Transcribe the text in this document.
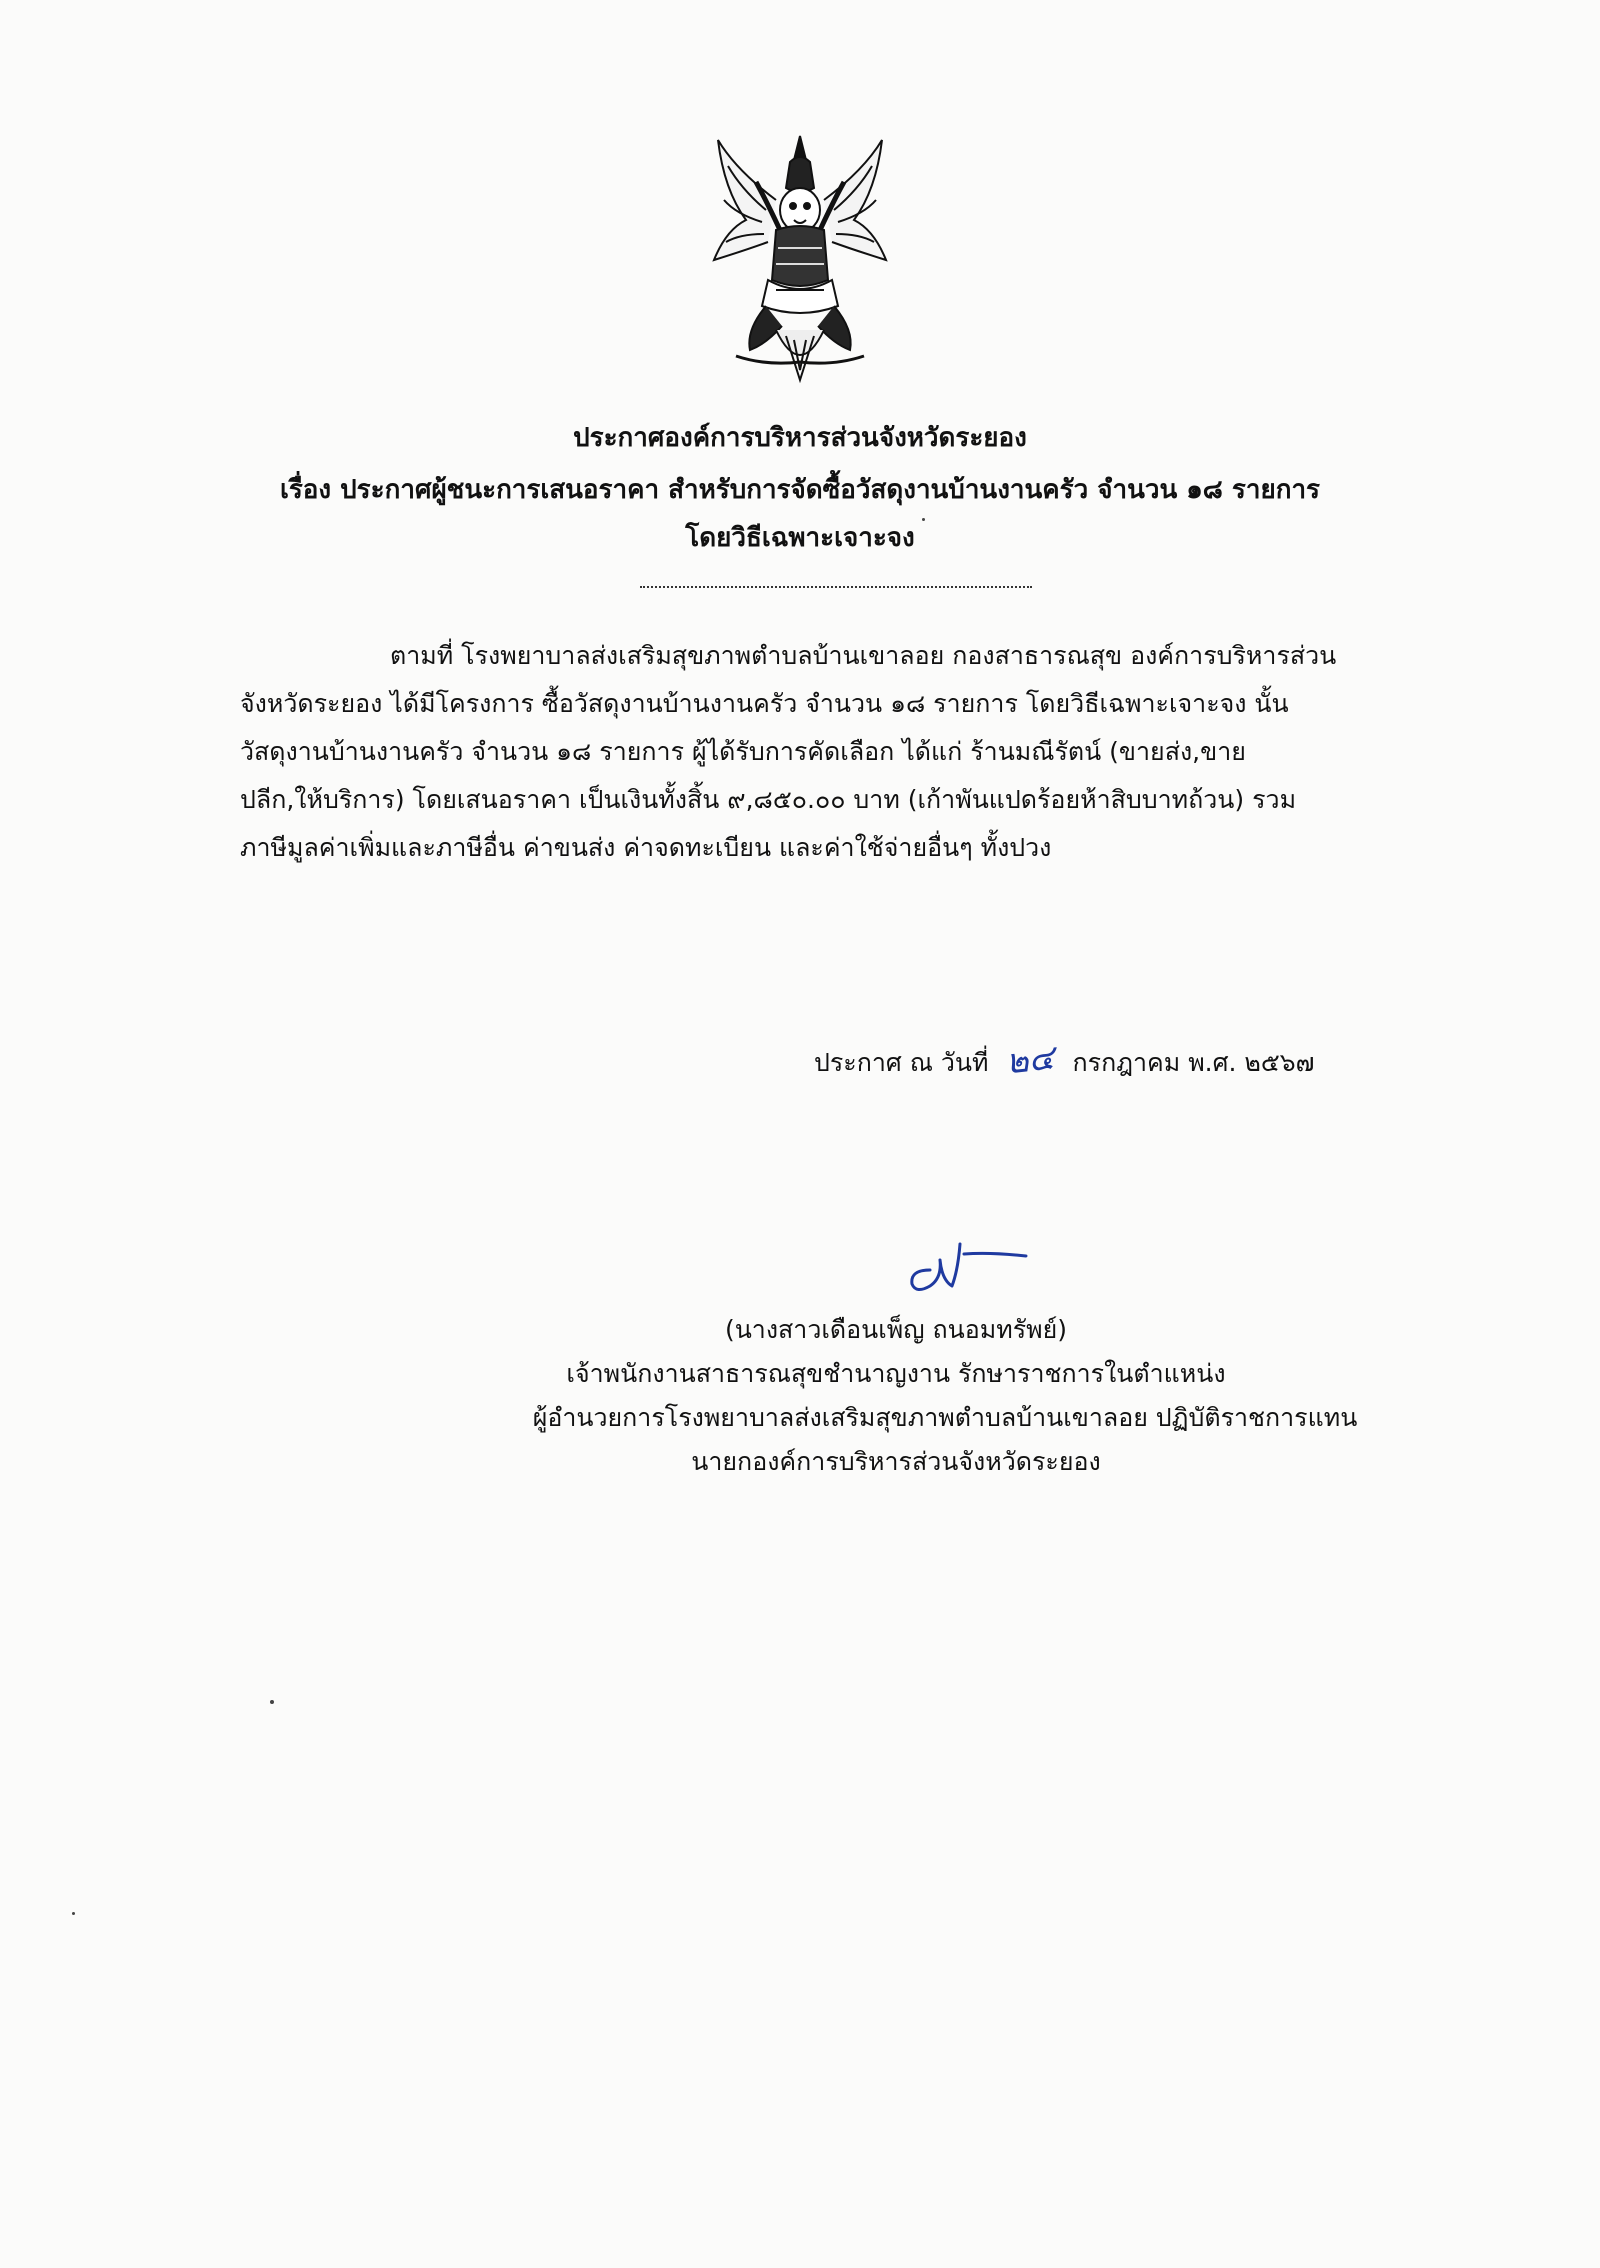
ประกาศองค์การบริหารส่วนจังหวัดระยอง
เรื่อง ประกาศผู้ชนะการเสนอราคา สำหรับการจัดซื้อวัสดุงานบ้านงานครัว จำนวน ๑๘ รายการ
โดยวิธีเฉพาะเจาะจง
ตามที่ โรงพยาบาลส่งเสริมสุขภาพตำบลบ้านเขาลอย กองสาธารณสุข องค์การบริหารส่วน
จังหวัดระยอง ได้มีโครงการ ซื้อวัสดุงานบ้านงานครัว จำนวน ๑๘ รายการ โดยวิธีเฉพาะเจาะจง นั้น
วัสดุงานบ้านงานครัว จำนวน ๑๘ รายการ ผู้ได้รับการคัดเลือก ได้แก่ ร้านมณีรัตน์ (ขายส่ง,ขาย
ปลีก,ให้บริการ) โดยเสนอราคา เป็นเงินทั้งสิ้น ๙,๘๕๐.๐๐ บาท (เก้าพันแปดร้อยห้าสิบบาทถ้วน) รวม
ภาษีมูลค่าเพิ่มและภาษีอื่น ค่าขนส่ง ค่าจดทะเบียน และค่าใช้จ่ายอื่นๆ ทั้งปวง
ประกาศ ณ วันที่ ๒๔ กรกฎาคม พ.ศ. ๒๕๖๗
(นางสาวเดือนเพ็ญ ถนอมทรัพย์)
เจ้าพนักงานสาธารณสุขชำนาญงาน รักษาราชการในตำแหน่ง
ผู้อำนวยการโรงพยาบาลส่งเสริมสุขภาพตำบลบ้านเขาลอย ปฏิบัติราชการแทน
นายกองค์การบริหารส่วนจังหวัดระยอง
